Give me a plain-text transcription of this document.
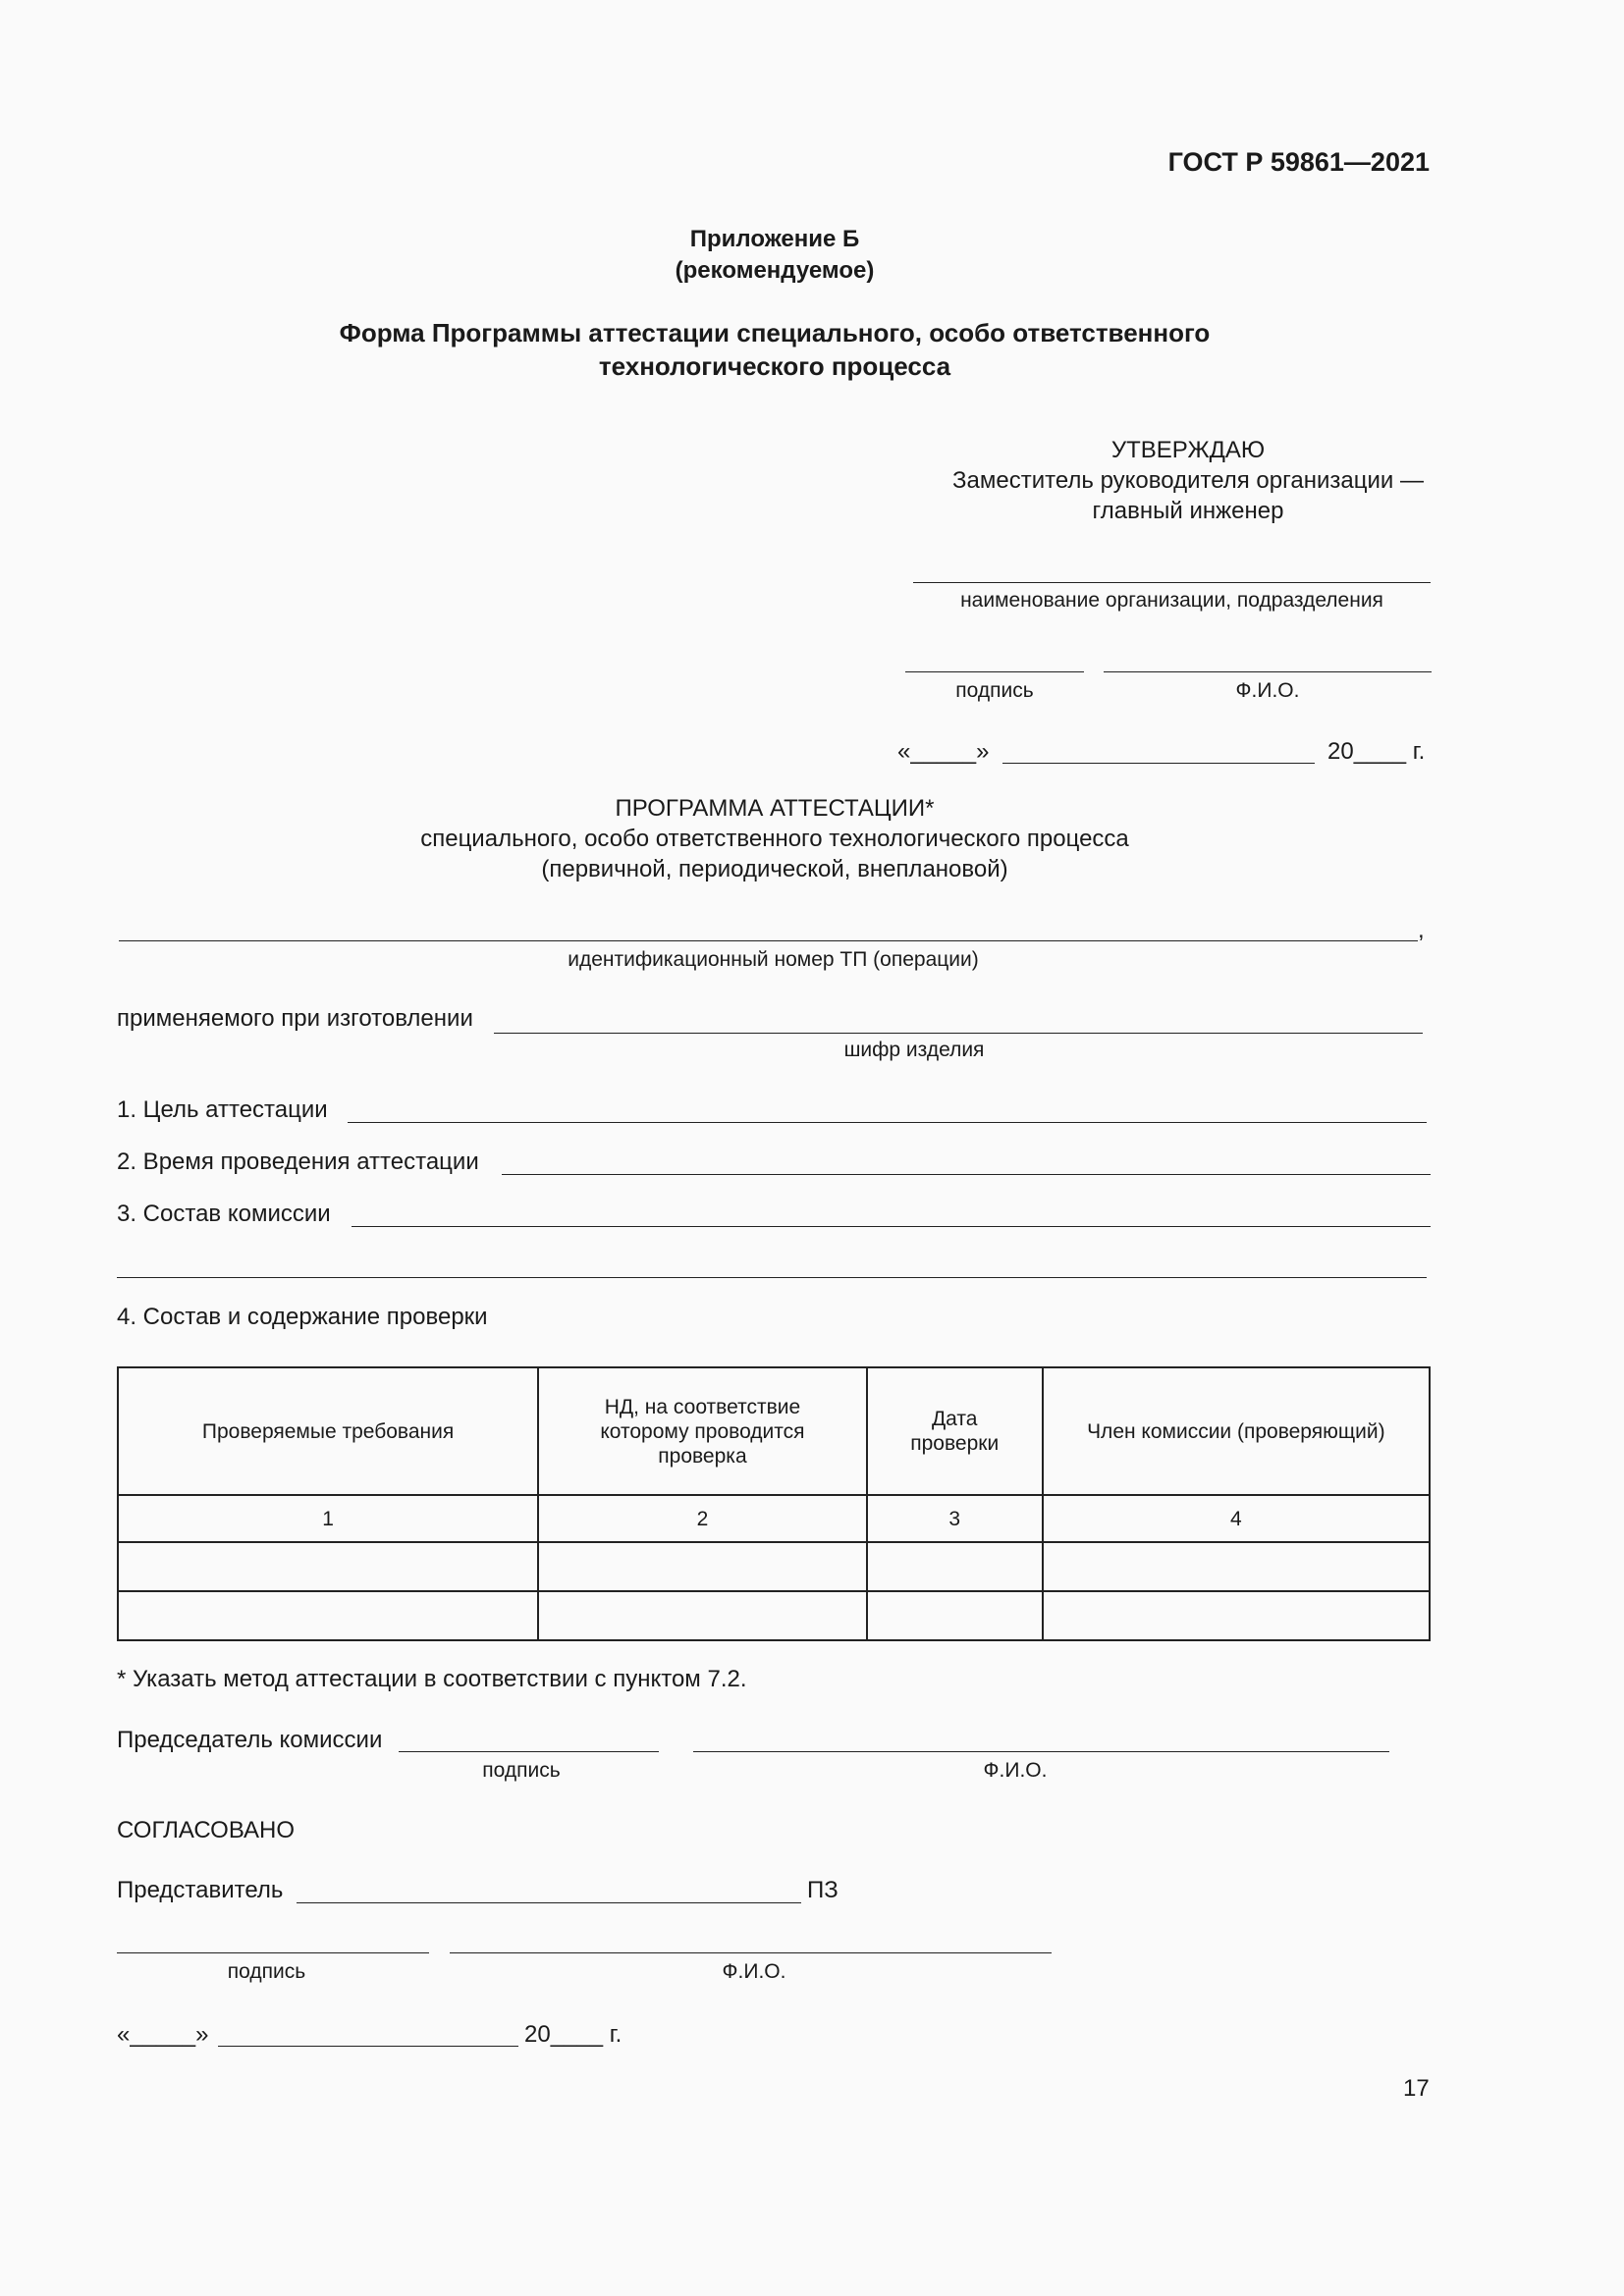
ГОСТ Р 59861—2021
Приложение Б
(рекомендуемое)
Форма Программы аттестации специального, особо ответственного
технологического процесса
УТВЕРЖДАЮ
Заместитель руководителя организации —
главный инженер
наименование организации, подразделения
подпись	Ф.И.О.
«_____»	20____ г.
ПРОГРАММА АТТЕСТАЦИИ*
специального, особо ответственного технологического процесса
(первичной, периодической, внеплановой)
,
идентификационный номер ТП (операции)
применяемого при изготовлении
шифр изделия
1. Цель аттестации
2. Время проведения аттестации
3. Состав комиссии
4. Состав и содержание проверки
Проверяемые требования	НД, на соответствие которому проводится проверка	Дата проверки	Член комиссии (проверяющий)
1	2	3	4

* Указать метод аттестации в соответствии с пунктом 7.2.
Председатель комиссии
подпись	Ф.И.О.
СОГЛАСОВАНО
Представитель	ПЗ
подпись	Ф.И.О.
«_____»	20____ г.
17
